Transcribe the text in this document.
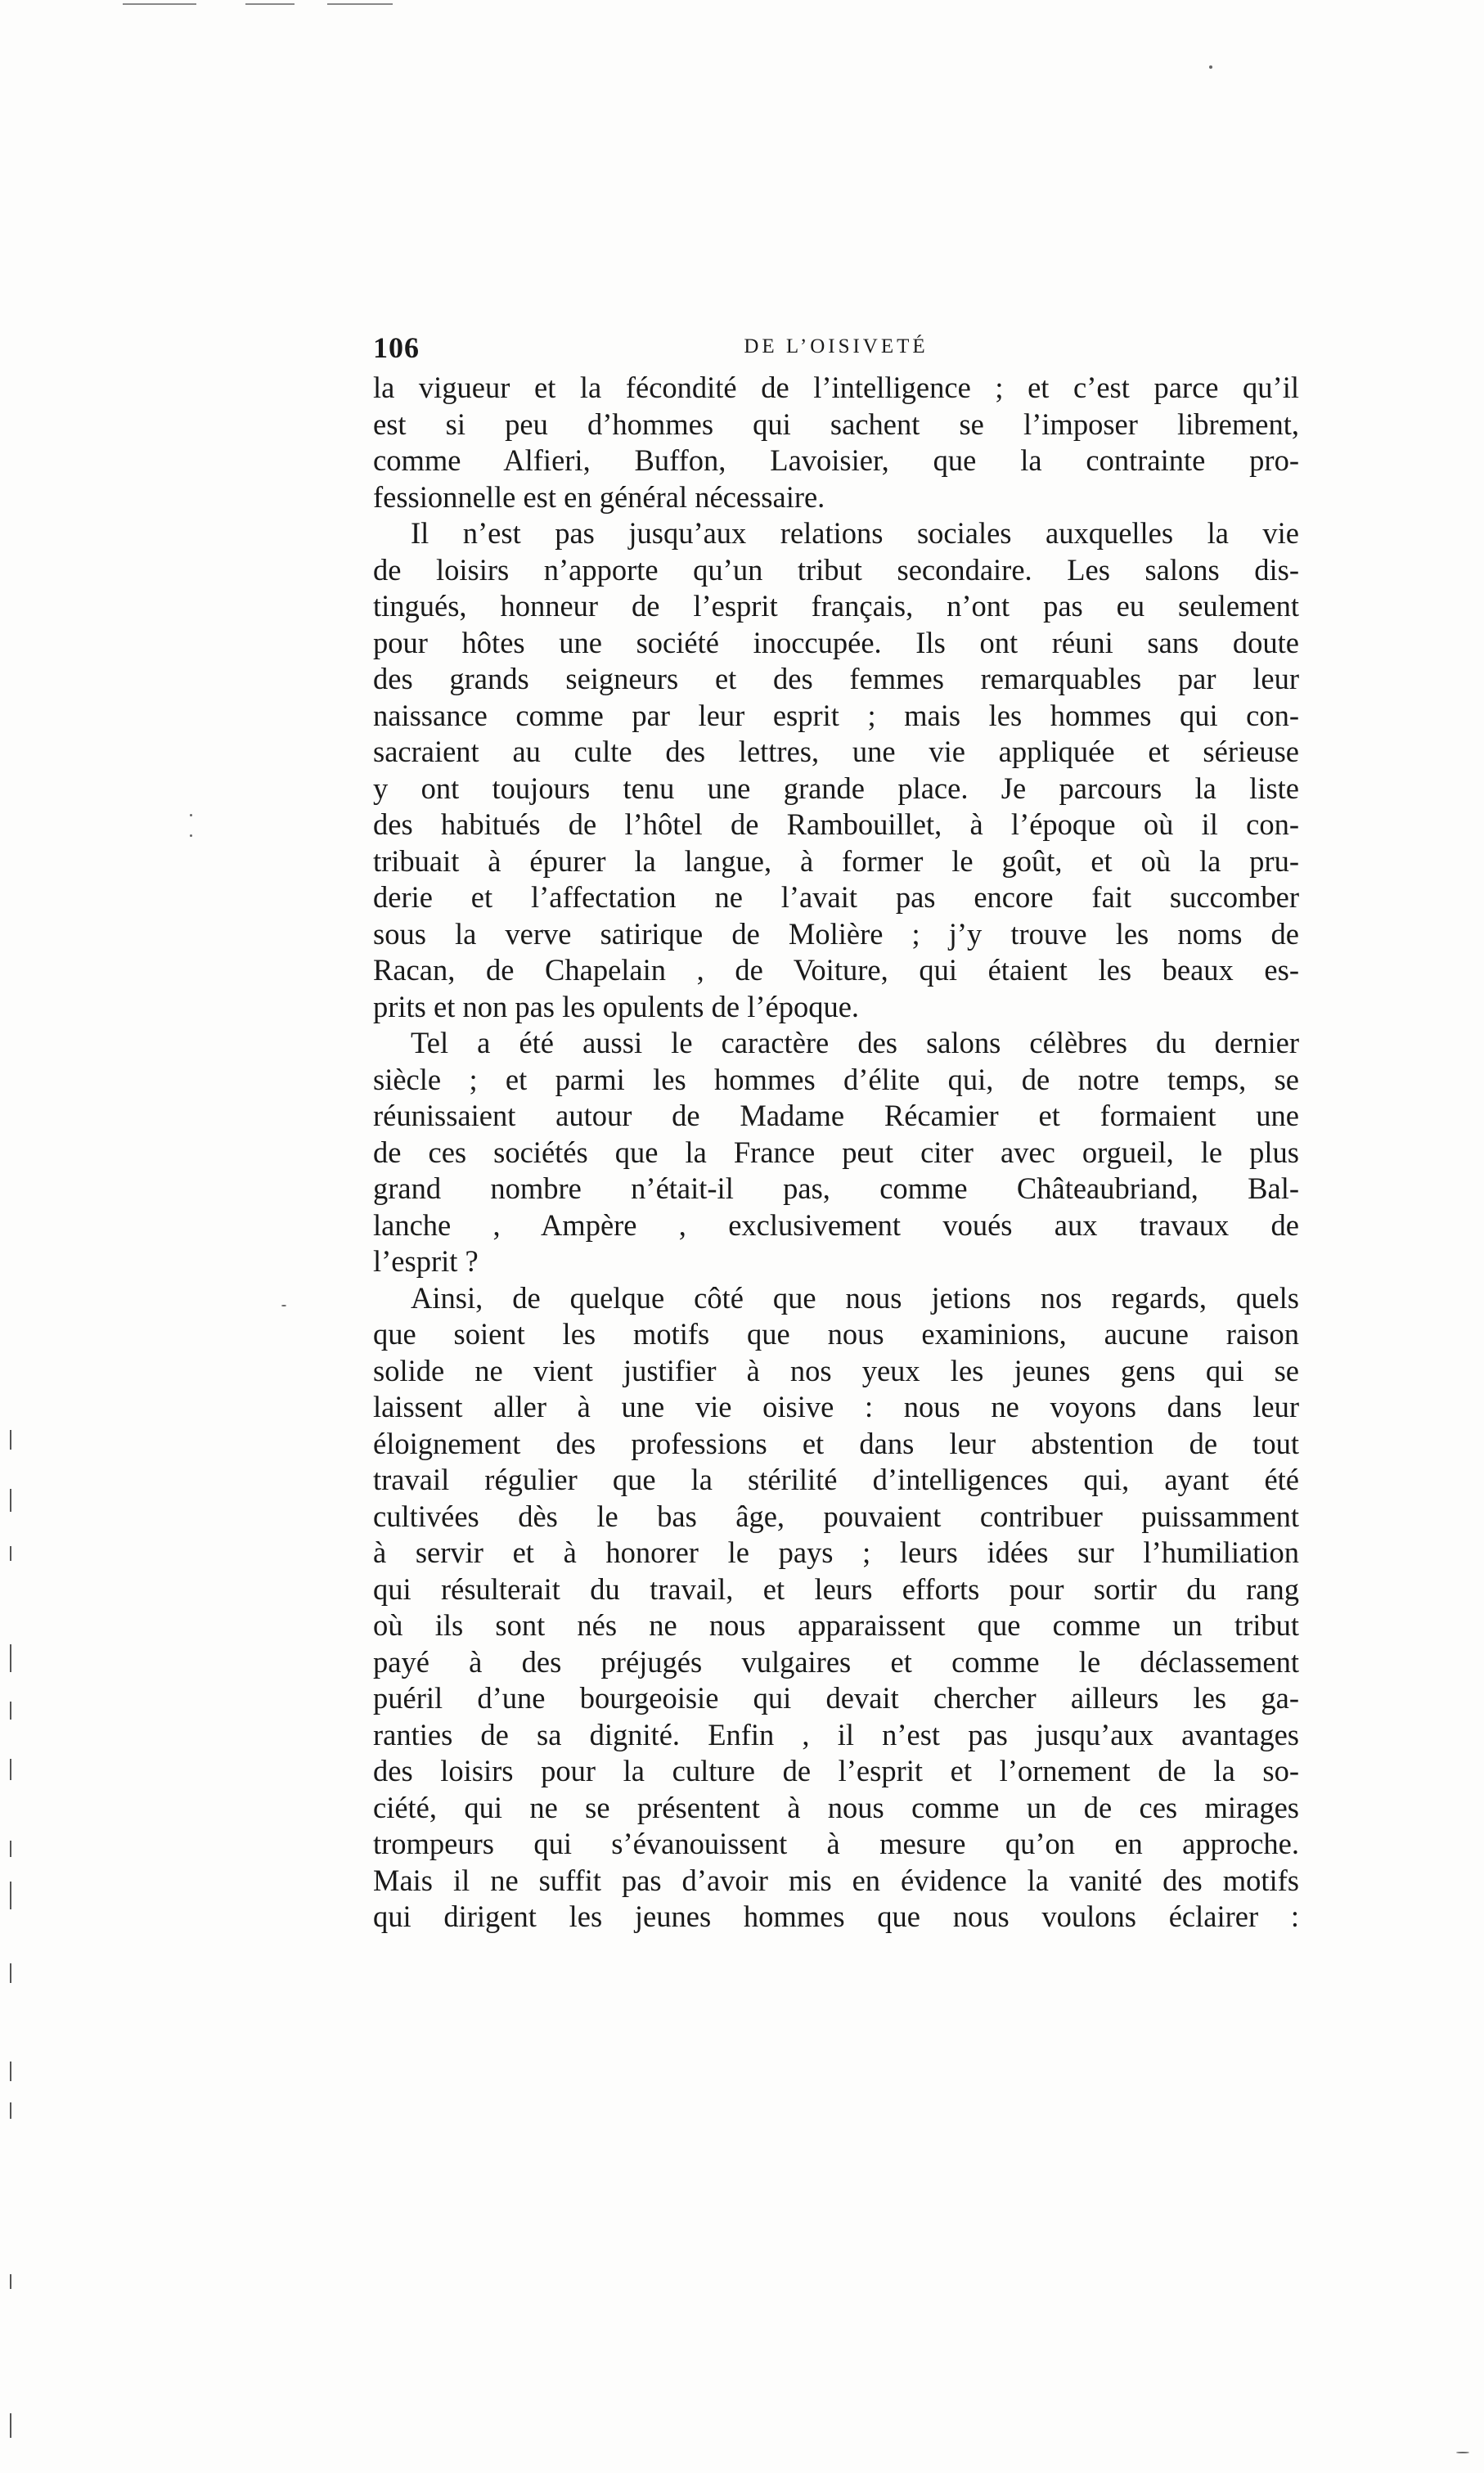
106	DE L’OISIVETÉ
la vigueur et la fécondité de l’intelligence ; et c’est parce qu’il
est si peu d’hommes qui sachent se l’imposer librement,
comme Alfieri, Buffon, Lavoisier, que la contrainte pro-
fessionnelle est en général nécessaire.
Il n’est pas jusqu’aux relations sociales auxquelles la vie
de loisirs n’apporte qu’un tribut secondaire. Les salons dis-
tingués, honneur de l’esprit français, n’ont pas eu seulement
pour hôtes une société inoccupée. Ils ont réuni sans doute
des grands seigneurs et des femmes remarquables par leur
naissance comme par leur esprit ; mais les hommes qui con-
sacraient au culte des lettres, une vie appliquée et sérieuse
y ont toujours tenu une grande place. Je parcours la liste
des habitués de l’hôtel de Rambouillet, à l’époque où il con-
tribuait à épurer la langue, à former le goût, et où la pru-
derie et l’affectation ne l’avait pas encore fait succomber
sous la verve satirique de Molière ; j’y trouve les noms de
Racan, de Chapelain , de Voiture, qui étaient les beaux es-
prits et non pas les opulents de l’époque.
Tel a été aussi le caractère des salons célèbres du dernier
siècle ; et parmi les hommes d’élite qui, de notre temps, se
réunissaient autour de Madame Récamier et formaient une
de ces sociétés que la France peut citer avec orgueil, le plus
grand nombre n’était-il pas, comme Châteaubriand, Bal-
lanche , Ampère , exclusivement voués aux travaux de
l’esprit ?
Ainsi, de quelque côté que nous jetions nos regards, quels
que soient les motifs que nous examinions, aucune raison
solide ne vient justifier à nos yeux les jeunes gens qui se
laissent aller à une vie oisive : nous ne voyons dans leur
éloignement des professions et dans leur abstention de tout
travail régulier que la stérilité d’intelligences qui, ayant été
cultivées dès le bas âge, pouvaient contribuer puissamment
à servir et à honorer le pays ; leurs idées sur l’humiliation
qui résulterait du travail, et leurs efforts pour sortir du rang
où ils sont nés ne nous apparaissent que comme un tribut
payé à des préjugés vulgaires et comme le déclassement
puéril d’une bourgeoisie qui devait chercher ailleurs les ga-
ranties de sa dignité. Enfin , il n’est pas jusqu’aux avantages
des loisirs pour la culture de l’esprit et l’ornement de la so-
ciété, qui ne se présentent à nous comme un de ces mirages
trompeurs qui s’évanouissent à mesure qu’on en approche.
Mais il ne suffit pas d’avoir mis en évidence la vanité des motifs
qui dirigent les jeunes hommes que nous voulons éclairer :
